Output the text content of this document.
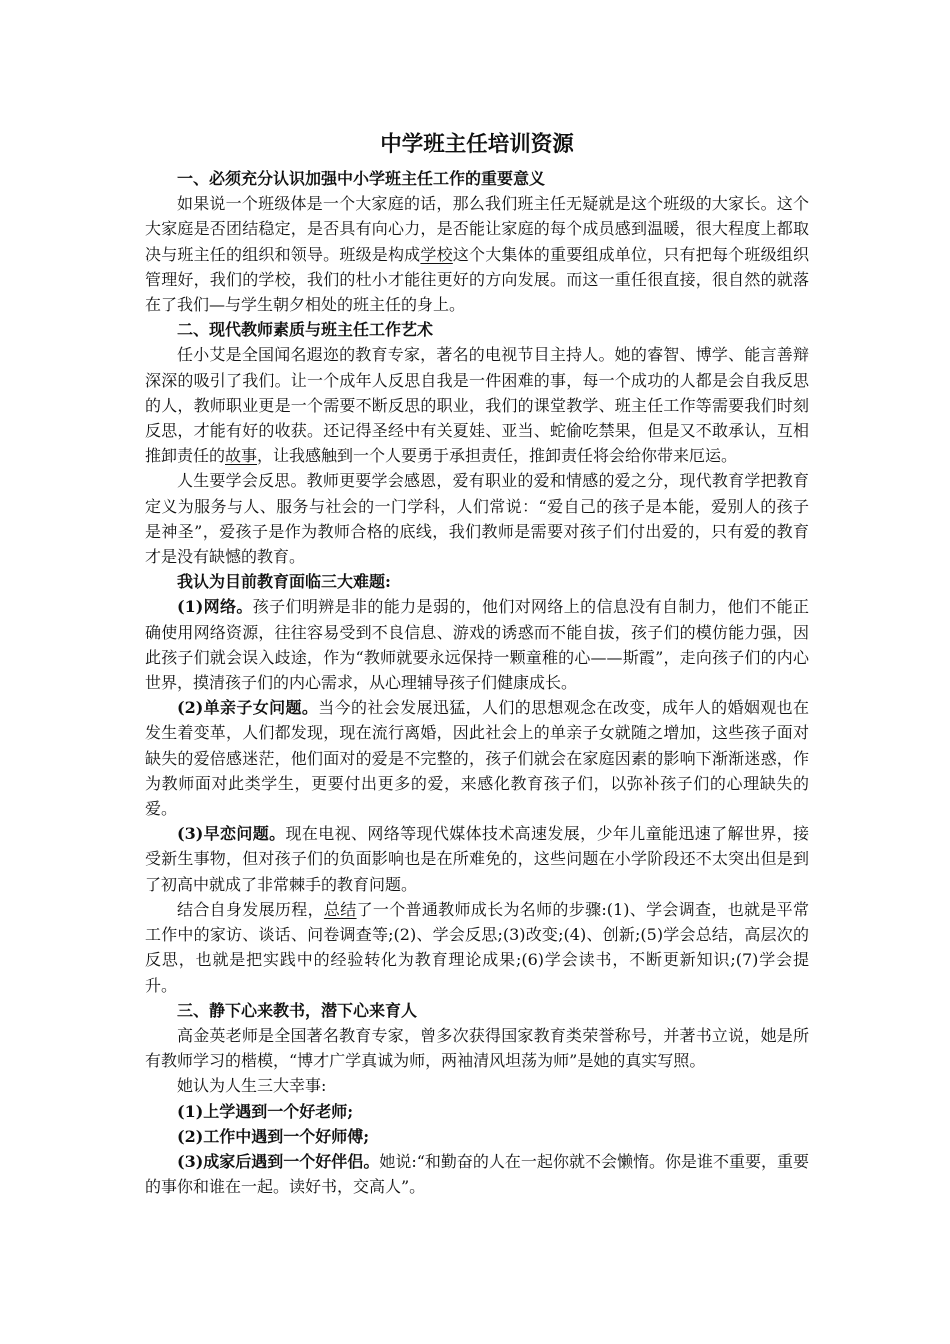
中学班主任培训资源

一、必须充分认识加强中小学班主任工作的重要意义

如果说一个班级体是一个大家庭的话，那么我们班主任无疑就是这个班级的大家长。这个大家庭是否团结稳定，是否具有向心力，是否能让家庭的每个成员感到温暖，很大程度上都取决与班主任的组织和领导。班级是构成学校这个大集体的重要组成单位，只有把每个班级组织管理好，我们的学校，我们的杜小才能往更好的方向发展。而这一重任很直接，很自然的就落在了我们—与学生朝夕相处的班主任的身上。

二、现代教师素质与班主任工作艺术

任小艾是全国闻名遐迩的教育专家，著名的电视节目主持人。她的睿智、博学、能言善辩深深的吸引了我们。让一个成年人反思自我是一件困难的事，每一个成功的人都是会自我反思的人，教师职业更是一个需要不断反思的职业，我们的课堂教学、班主任工作等需要我们时刻反思，才能有好的收获。还记得圣经中有关夏娃、亚当、蛇偷吃禁果，但是又不敢承认，互相推卸责任的故事，让我感触到一个人要勇于承担责任，推卸责任将会给你带来厄运。

人生要学会反思。教师更要学会感恩，爱有职业的爱和情感的爱之分，现代教育学把教育定义为服务与人、服务与社会的一门学科，人们常说：“爱自己的孩子是本能，爱别人的孩子是神圣”，爱孩子是作为教师合格的底线，我们教师是需要对孩子们付出爱的，只有爱的教育才是没有缺憾的教育。

我认为目前教育面临三大难题:

(1)网络。孩子们明辨是非的能力是弱的，他们对网络上的信息没有自制力，他们不能正确使用网络资源，往往容易受到不良信息、游戏的诱惑而不能自拔，孩子们的模仿能力强，因此孩子们就会误入歧途，作为“教师就要永远保持一颗童稚的心——斯霞”，走向孩子们的内心世界，摸清孩子们的内心需求，从心理辅导孩子们健康成长。

(2)单亲子女问题。当今的社会发展迅猛，人们的思想观念在改变，成年人的婚姻观也在发生着变革，人们都发现，现在流行离婚，因此社会上的单亲子女就随之增加，这些孩子面对缺失的爱倍感迷茫，他们面对的爱是不完整的，孩子们就会在家庭因素的影响下渐渐迷惑，作为教师面对此类学生，更要付出更多的爱，来感化教育孩子们，以弥补孩子们的心理缺失的爱。

(3)早恋问题。现在电视、网络等现代媒体技术高速发展，少年儿童能迅速了解世界，接受新生事物，但对孩子们的负面影响也是在所难免的，这些问题在小学阶段还不太突出但是到了初高中就成了非常棘手的教育问题。

结合自身发展历程，总结了一个普通教师成长为名师的步骤:(1)、学会调查，也就是平常工作中的家访、谈话、问卷调查等;(2)、学会反思;(3)改变;(4)、创新;(5)学会总结，高层次的反思，也就是把实践中的经验转化为教育理论成果;(6)学会读书，不断更新知识;(7)学会提升。

三、静下心来教书，潜下心来育人

高金英老师是全国著名教育专家，曾多次获得国家教育类荣誉称号，并著书立说，她是所有教师学习的楷模，“博才广学真诚为师，两袖清风坦荡为师”是她的真实写照。

她认为人生三大幸事:

(1)上学遇到一个好老师;

(2)工作中遇到一个好师傅;

(3)成家后遇到一个好伴侣。她说:“和勤奋的人在一起你就不会懒惰。你是谁不重要，重要的事你和谁在一起。读好书，交高人”。
